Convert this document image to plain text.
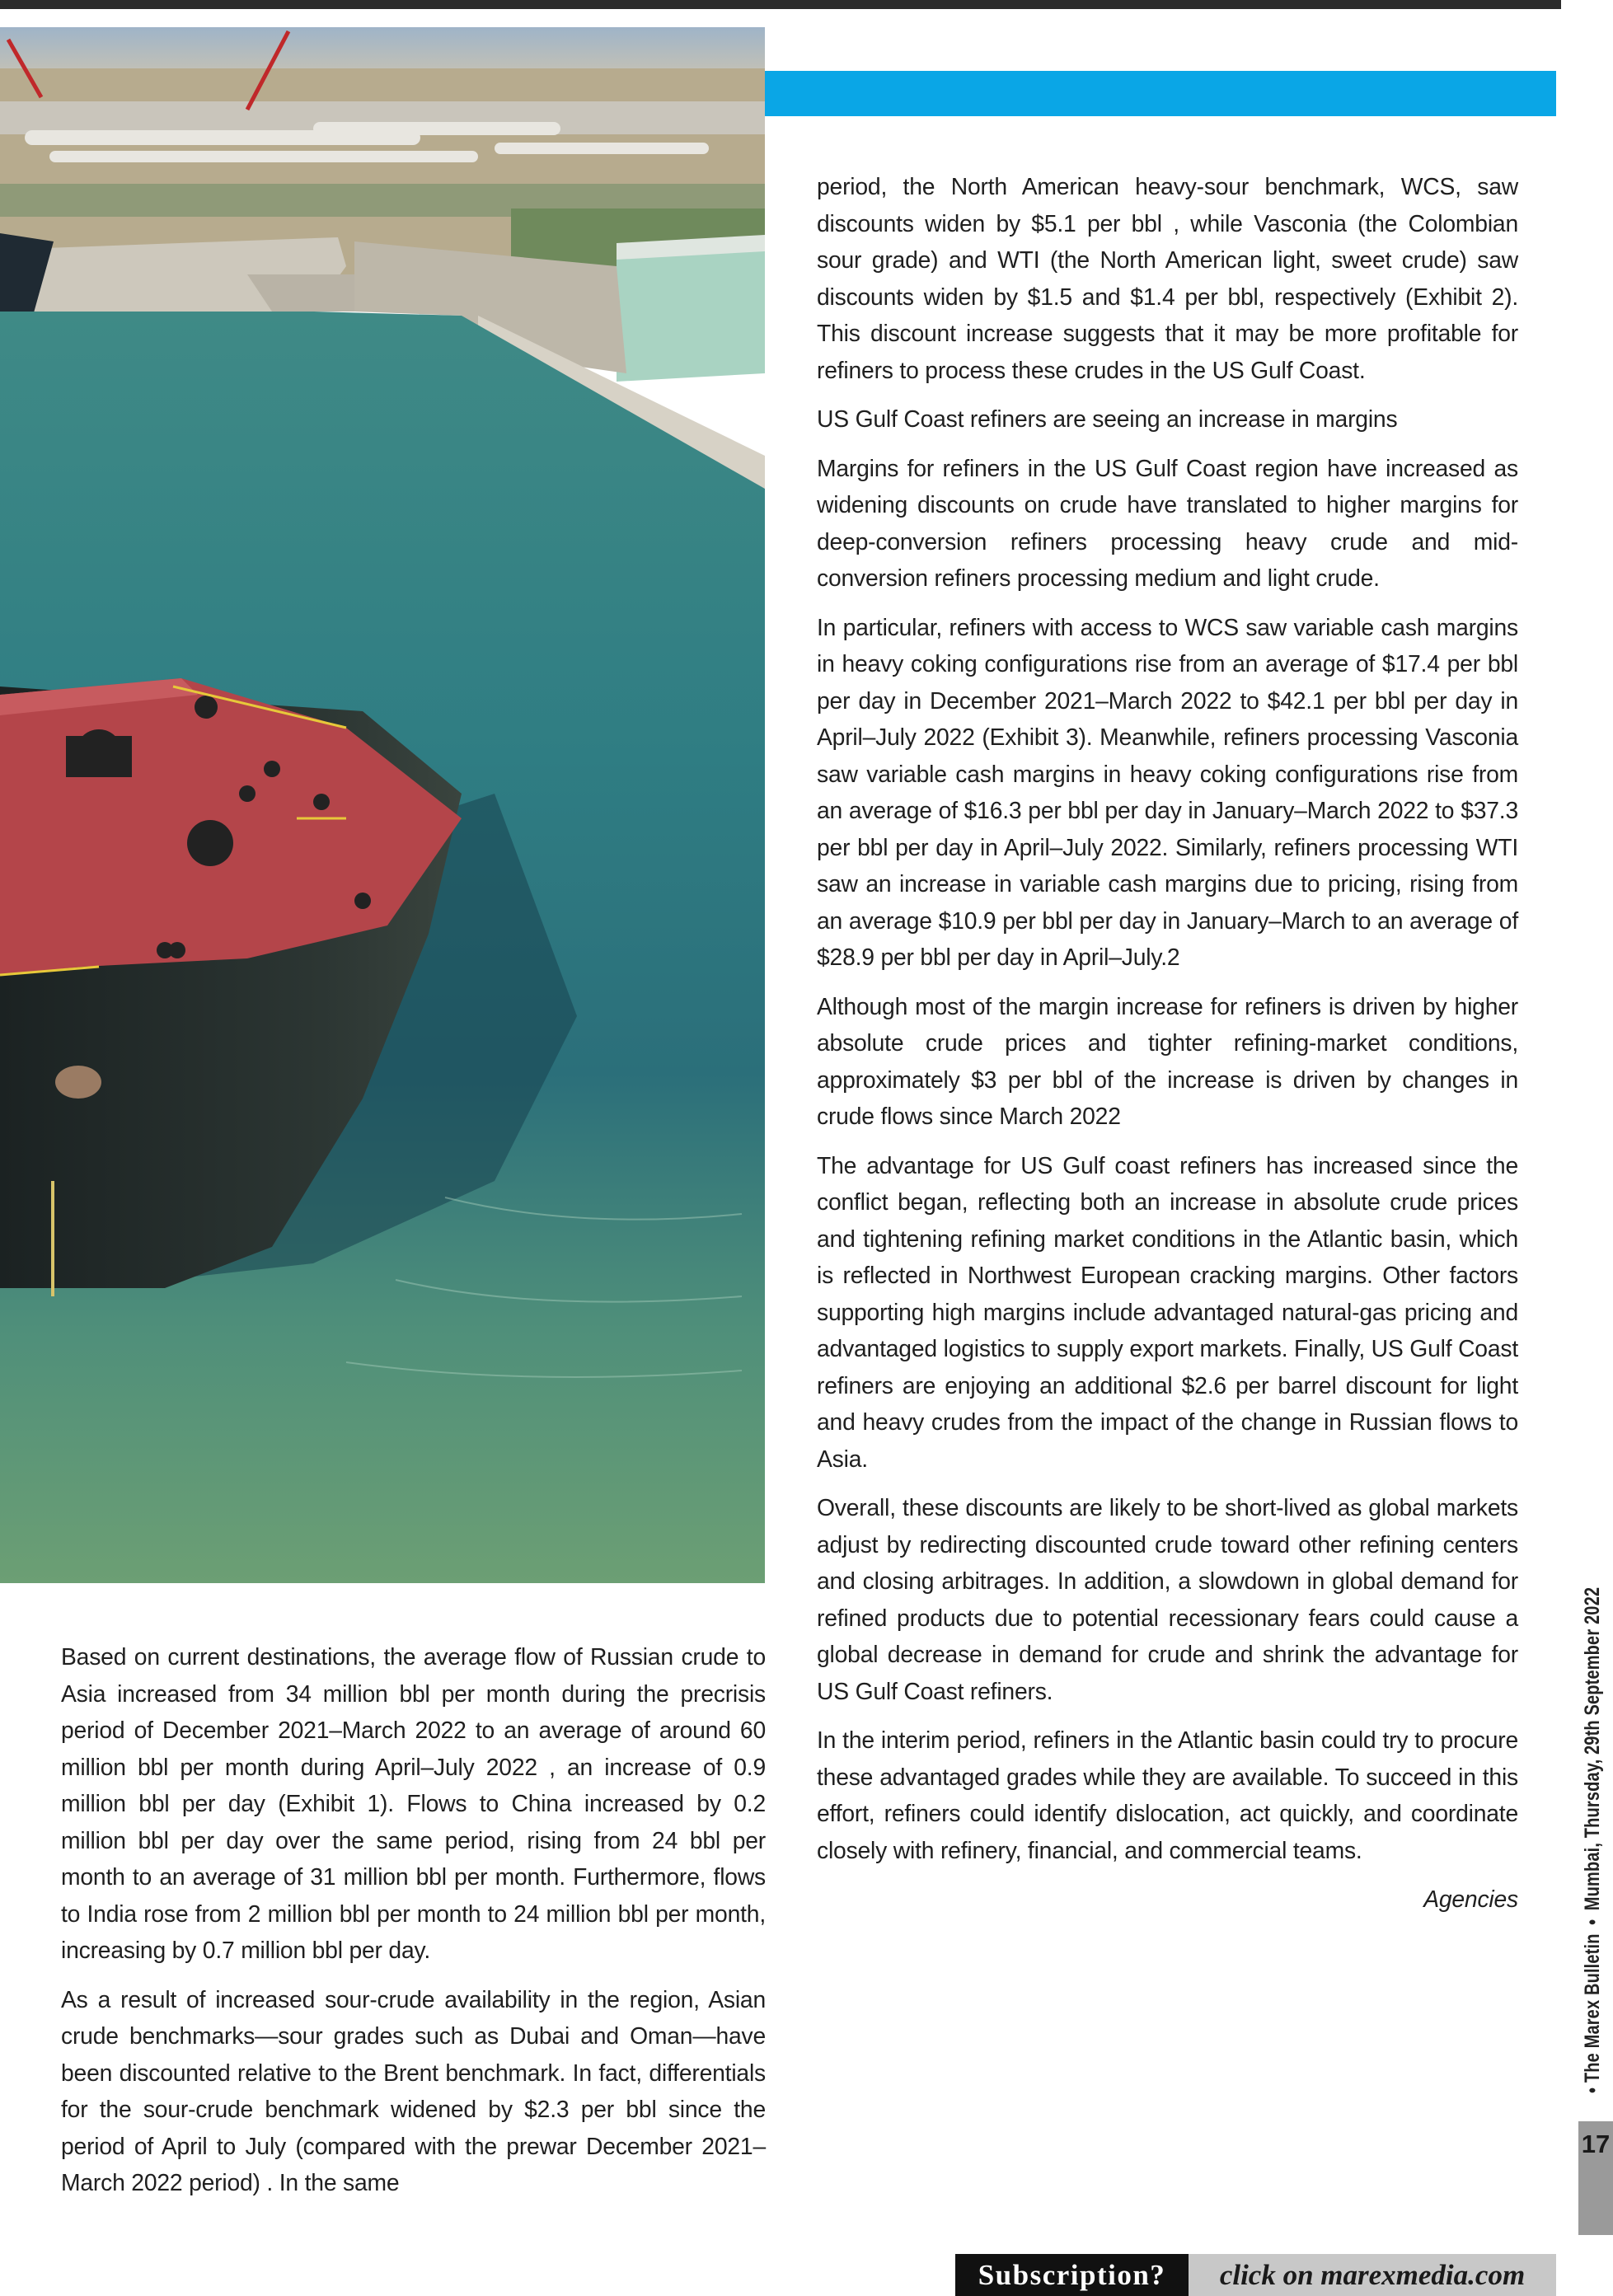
period, the North American heavy-sour benchmark, WCS, saw discounts widen by $5.1 per bbl , while Vasconia (the Colombian sour grade) and WTI (the North American light, sweet crude) saw discounts widen by $1.5 and $1.4 per bbl, respectively (Exhibit 2). This discount increase suggests that it may be more profitable for refiners to process these crudes in the US Gulf Coast.

US Gulf Coast refiners are seeing an increase in margins

Margins for refiners in the US Gulf Coast region have increased as widening discounts on crude have translated to higher margins for deep-conversion refiners processing heavy crude and mid-conversion refiners processing medium and light crude.

In particular, refiners with access to WCS saw variable cash margins in heavy coking configurations rise from an average of $17.4 per bbl per day in December 2021–March 2022 to $42.1 per bbl per day in April–July 2022 (Exhibit 3). Meanwhile, refiners processing Vasconia saw variable cash margins in heavy coking configurations rise from an average of $16.3 per bbl per day in January–March 2022 to $37.3 per bbl per day in April–July 2022. Similarly, refiners processing WTI saw an increase in variable cash margins due to pricing, rising from an average $10.9 per bbl per day in January–March to an average of $28.9 per bbl per day in April–July.2

Although most of the margin increase for refiners is driven by higher absolute crude prices and tighter refining-market conditions, approximately $3 per bbl of the increase is driven by changes in crude flows since March 2022

The advantage for US Gulf coast refiners has increased since the conflict began, reflecting both an increase in absolute crude prices and tightening refining market conditions in the Atlantic basin, which is reflected in Northwest European cracking margins. Other factors supporting high margins include advantaged natural-gas pricing and advantaged logistics to supply export markets. Finally, US Gulf Coast refiners are enjoying an additional $2.6 per barrel discount for light and heavy crudes from the impact of the change in Russian flows to Asia.

Overall, these discounts are likely to be short-lived as global markets adjust by redirecting discounted crude toward other refining centers and closing arbitrages. In addition, a slowdown in global demand for refined products due to potential recessionary fears could cause a global decrease in demand for crude and shrink the advantage for US Gulf Coast refiners.

In the interim period, refiners in the Atlantic basin could try to procure these advantaged grades while they are available. To succeed in this effort, refiners could identify dislocation, act quickly, and coordinate closely with refinery, financial, and commercial teams.

Agencies

Based on current destinations, the average flow of Russian crude to Asia increased from 34 million bbl per month during the precrisis period of December 2021–March 2022 to an average of around 60 million bbl per month during April–July 2022 , an increase of 0.9 million bbl per day (Exhibit 1). Flows to China increased by 0.2 million bbl per day over the same period, rising from 24 bbl per month to an average of 31 million bbl per month. Furthermore, flows to India rose from 2 million bbl per month to 24 million bbl per month, increasing by 0.7 million bbl per day.

As a result of increased sour-crude availability in the region, Asian crude benchmarks—sour grades such as Dubai and Oman—have been discounted relative to the Brent benchmark. In fact, differentials for the sour-crude benchmark widened by $2.3 per bbl since the period of April to July (compared with the prewar December 2021–March 2022 period) . In the same

• The Marex Bulletin • Mumbai, Thursday, 29th September 2022
17
Subscription?	click on marexmedia.com
